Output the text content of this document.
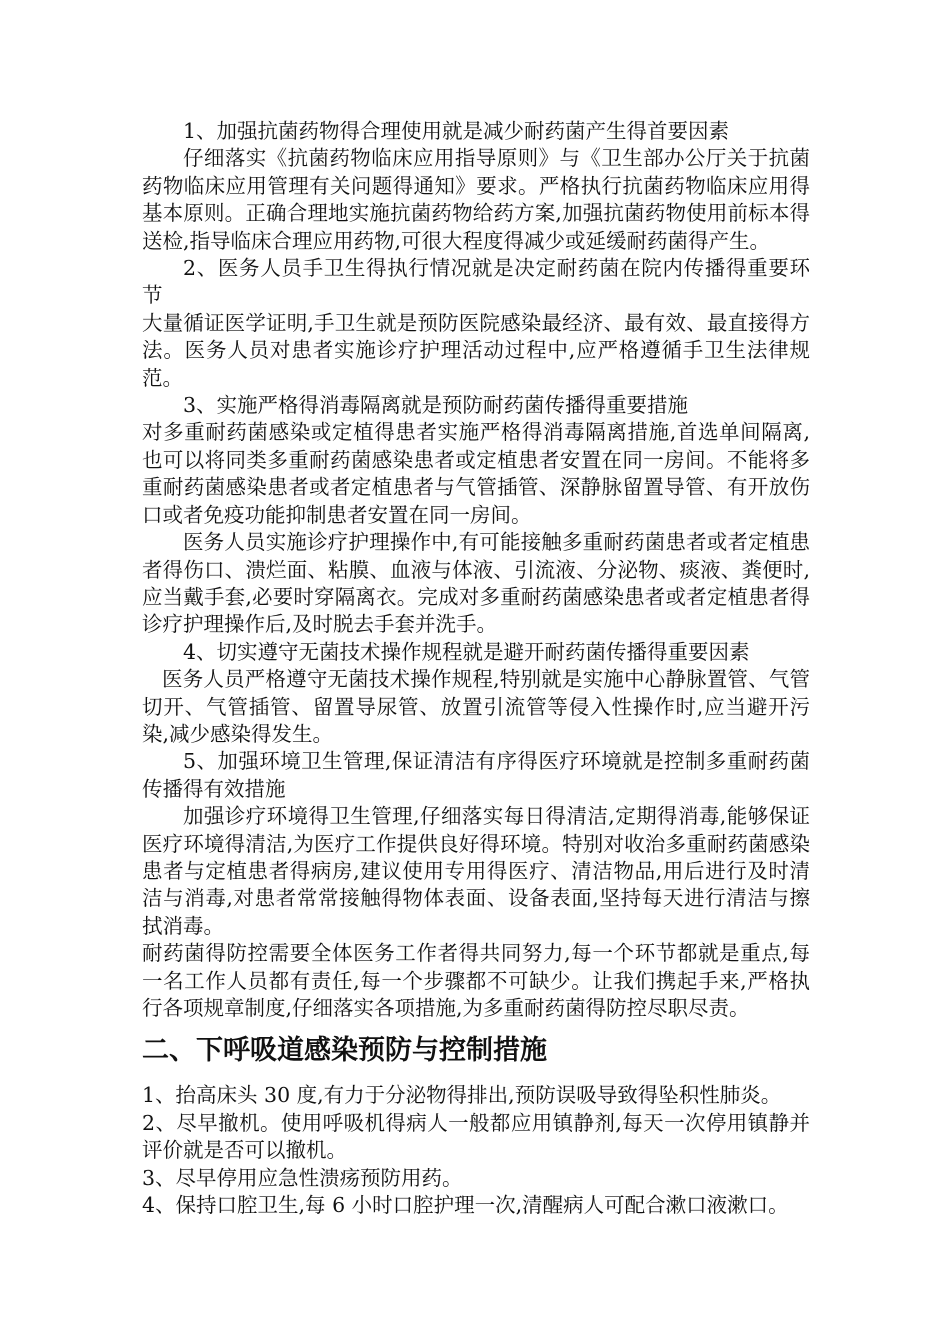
1、加强抗菌药物得合理使用就是减少耐药菌产生得首要因素

仔细落实《抗菌药物临床应用指导原则》与《卫生部办公厅关于抗菌药物临床应用管理有关问题得通知》要求。严格执行抗菌药物临床应用得基本原则。正确合理地实施抗菌药物给药方案,加强抗菌药物使用前标本得送检,指导临床合理应用药物,可很大程度得减少或延缓耐药菌得产生。

2、医务人员手卫生得执行情况就是决定耐药菌在院内传播得重要环节

大量循证医学证明,手卫生就是预防医院感染最经济、最有效、最直接得方法。医务人员对患者实施诊疗护理活动过程中,应严格遵循手卫生法律规范。

3、实施严格得消毒隔离就是预防耐药菌传播得重要措施

对多重耐药菌感染或定植得患者实施严格得消毒隔离措施,首选单间隔离,也可以将同类多重耐药菌感染患者或定植患者安置在同一房间。不能将多重耐药菌感染患者或者定植患者与气管插管、深静脉留置导管、有开放伤口或者免疫功能抑制患者安置在同一房间。

医务人员实施诊疗护理操作中,有可能接触多重耐药菌患者或者定植患者得伤口、溃烂面、粘膜、血液与体液、引流液、分泌物、痰液、粪便时,应当戴手套,必要时穿隔离衣。完成对多重耐药菌感染患者或者定植患者得诊疗护理操作后,及时脱去手套并洗手。

4、切实遵守无菌技术操作规程就是避开耐药菌传播得重要因素

医务人员严格遵守无菌技术操作规程,特别就是实施中心静脉置管、气管切开、气管插管、留置导尿管、放置引流管等侵入性操作时,应当避开污染,减少感染得发生。

5、加强环境卫生管理,保证清洁有序得医疗环境就是控制多重耐药菌传播得有效措施

加强诊疗环境得卫生管理,仔细落实每日得清洁,定期得消毒,能够保证医疗环境得清洁,为医疗工作提供良好得环境。特别对收治多重耐药菌感染患者与定植患者得病房,建议使用专用得医疗、清洁物品,用后进行及时清洁与消毒,对患者常常接触得物体表面、设备表面,坚持每天进行清洁与擦拭消毒。

耐药菌得防控需要全体医务工作者得共同努力,每一个环节都就是重点,每一名工作人员都有责任,每一个步骤都不可缺少。让我们携起手来,严格执行各项规章制度,仔细落实各项措施,为多重耐药菌得防控尽职尽责。

二、下呼吸道感染预防与控制措施

1、抬高床头 30 度,有力于分泌物得排出,预防误吸导致得坠积性肺炎。

2、尽早撤机。使用呼吸机得病人一般都应用镇静剂,每天一次停用镇静并评价就是否可以撤机。

3、尽早停用应急性溃疡预防用药。

4、保持口腔卫生,每 6 小时口腔护理一次,清醒病人可配合漱口液漱口。
